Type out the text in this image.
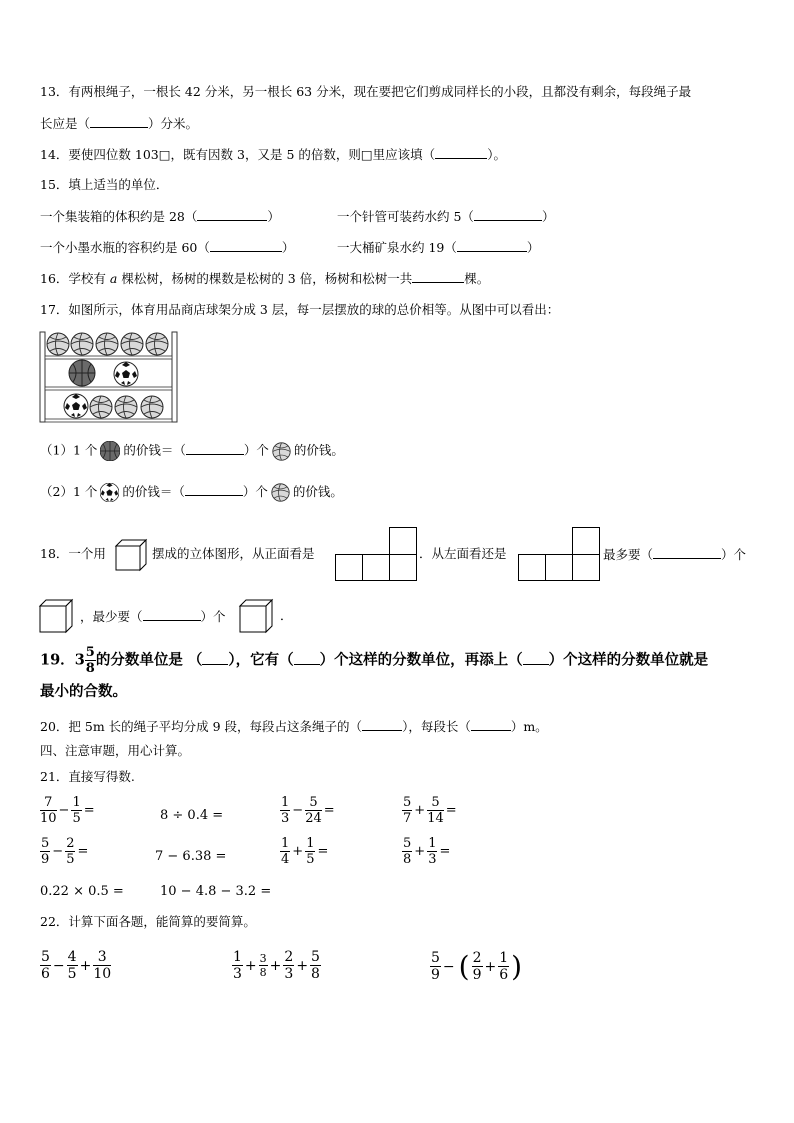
13．有两根绳子，一根长 42 分米，另一根长 63 分米，现在要把它们剪成同样长的小段，且都没有剩余，每段绳子最
长应是（	）分米。
14．要使四位数 103□，既有因数 3，又是 5 的倍数，则□里应该填（	）。
15．填上适当的单位．
一个集装箱的体积约是 28（	）	一个针管可装药水约 5（	）
一个小墨水瓶的容积约是 60（	）	一大桶矿泉水约 19（	）
16．学校有 a 棵松树，杨树的棵数是松树的 3 倍，杨树和松树一共	棵。
17．如图所示，体育用品商店球架分成 3 层，每一层摆放的球的总价相等。从图中可以看出：
（1）1 个 的价钱＝（	）个 的价钱。
（2）1 个 的价钱＝（	）个 的价钱。
18．一个用	摆成的立体图形，从正面看是	．从左面看还是	最多要（	）个
，最少要（	）个	．
19．$3 \frac{5}{8}$ 的分数单位是 （ ），它有（ ）个这样的分数单位，再添上（ ）个这样的分数单位就是
最小的合数。
20．把 5m 长的绳子平均分成 9 段，每段占这条绳子的（	），每段长（	）m。
四、注意审题，用心计算。
21．直接写得数.
$\frac{7}{10} - \frac{1}{5}$ =	8 ÷ 0.4 =	$\frac{1}{3} - \frac{5}{24}$ =	$\frac{5}{7} + \frac{5}{14}$ =
$\frac{5}{9} - \frac{2}{5}$ =	7 − 6.38 =	$\frac{1}{4} + \frac{1}{5}$ =	$\frac{5}{8} + \frac{1}{3}$ =
0.22 × 0.5 =	10 − 4.8 − 3.2 =
22．计算下面各题，能简算的要简算。
$\frac{5}{6} - \frac{4}{5} + \frac{3}{10}$	$\frac{1}{3} + \frac{3}{8} + \frac{2}{3} + \frac{5}{8}$	$\frac{5}{9}$ − ( $\frac{2}{9} + \frac{1}{6}$ )
